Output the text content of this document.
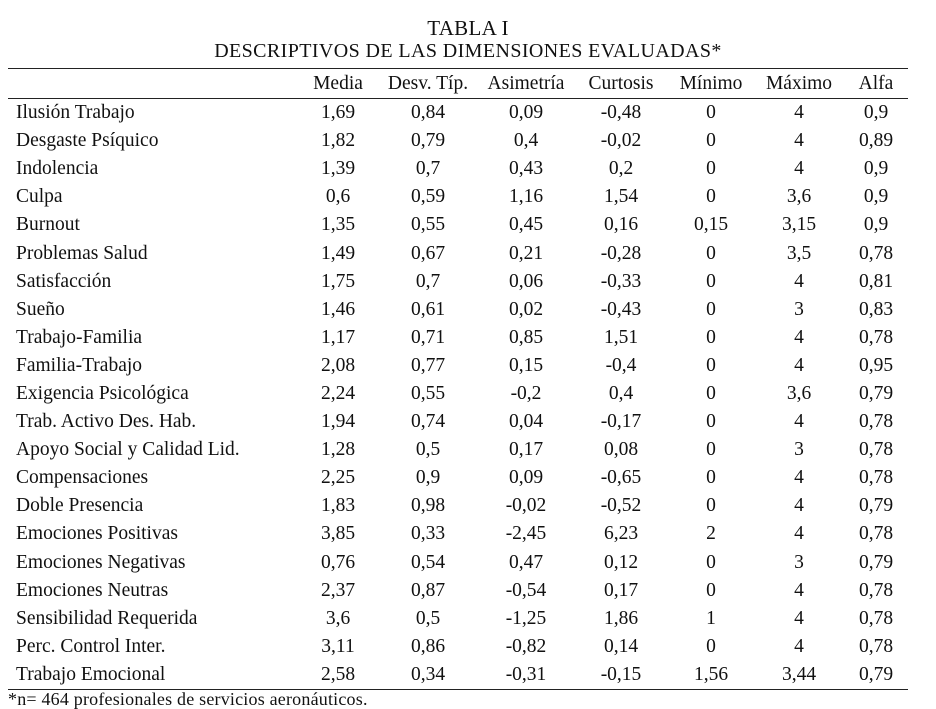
TABLA I
DESCRIPTIVOS DE LAS DIMENSIONES EVALUADAS*
	Media	Desv. Típ.	Asimetría	Curtosis	Mínimo	Máximo	Alfa
Ilusión Trabajo	1,69	0,84	0,09	-0,48	0	4	0,9
Desgaste Psíquico	1,82	0,79	0,4	-0,02	0	4	0,89
Indolencia	1,39	0,7	0,43	0,2	0	4	0,9
Culpa	0,6	0,59	1,16	1,54	0	3,6	0,9
Burnout	1,35	0,55	0,45	0,16	0,15	3,15	0,9
Problemas Salud	1,49	0,67	0,21	-0,28	0	3,5	0,78
Satisfacción	1,75	0,7	0,06	-0,33	0	4	0,81
Sueño	1,46	0,61	0,02	-0,43	0	3	0,83
Trabajo-Familia	1,17	0,71	0,85	1,51	0	4	0,78
Familia-Trabajo	2,08	0,77	0,15	-0,4	0	4	0,95
Exigencia Psicológica	2,24	0,55	-0,2	0,4	0	3,6	0,79
Trab. Activo Des. Hab.	1,94	0,74	0,04	-0,17	0	4	0,78
Apoyo Social y Calidad Lid.	1,28	0,5	0,17	0,08	0	3	0,78
Compensaciones	2,25	0,9	0,09	-0,65	0	4	0,78
Doble Presencia	1,83	0,98	-0,02	-0,52	0	4	0,79
Emociones Positivas	3,85	0,33	-2,45	6,23	2	4	0,78
Emociones Negativas	0,76	0,54	0,47	0,12	0	3	0,79
Emociones Neutras	2,37	0,87	-0,54	0,17	0	4	0,78
Sensibilidad Requerida	3,6	0,5	-1,25	1,86	1	4	0,78
Perc. Control Inter.	3,11	0,86	-0,82	0,14	0	4	0,78
Trabajo Emocional	2,58	0,34	-0,31	-0,15	1,56	3,44	0,79
*n= 464 profesionales de servicios aeronáuticos.
